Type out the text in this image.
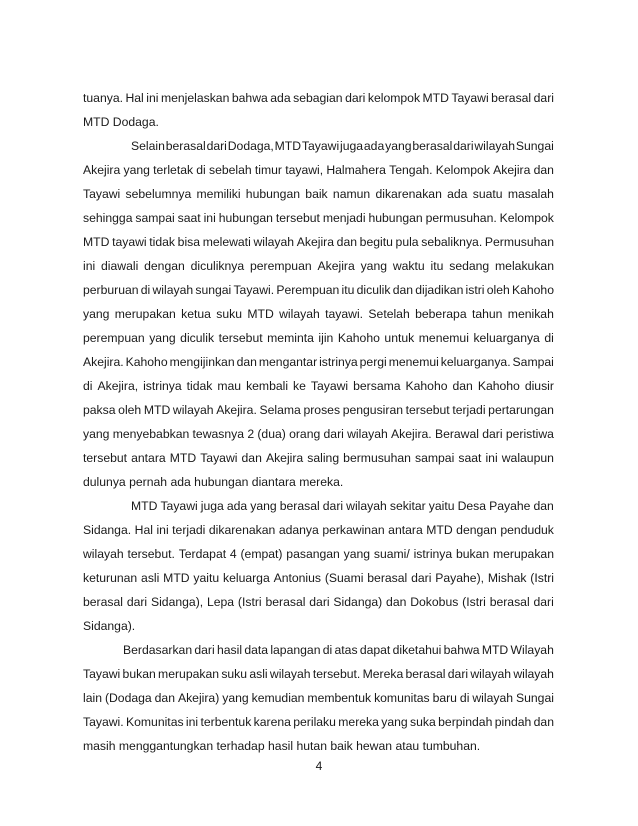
tuanya. Hal ini menjelaskan bahwa ada sebagian dari kelompok MTD Tayawi berasal dari
MTD Dodaga.
Selain berasal dari Dodaga, MTD Tayawi juga ada yang berasal dari wilayah Sungai
Akejira yang terletak di sebelah timur tayawi, Halmahera Tengah. Kelompok Akejira dan
Tayawi sebelumnya memiliki hubungan baik namun dikarenakan ada suatu masalah
sehingga sampai saat ini hubungan tersebut menjadi hubungan permusuhan. Kelompok
MTD tayawi tidak bisa melewati wilayah Akejira dan begitu pula sebaliknya. Permusuhan
ini diawali dengan diculiknya perempuan Akejira yang waktu itu sedang melakukan
perburuan di wilayah sungai Tayawi. Perempuan itu diculik dan dijadikan istri oleh Kahoho
yang merupakan ketua suku MTD wilayah tayawi. Setelah beberapa tahun menikah
perempuan yang diculik tersebut meminta ijin Kahoho untuk menemui keluarganya di
Akejira. Kahoho mengijinkan dan mengantar istrinya pergi menemui keluarganya. Sampai
di Akejira, istrinya tidak mau kembali ke Tayawi bersama Kahoho dan Kahoho diusir
paksa oleh MTD wilayah Akejira. Selama proses pengusiran tersebut terjadi pertarungan
yang menyebabkan tewasnya 2 (dua) orang dari wilayah Akejira. Berawal dari peristiwa
tersebut antara MTD Tayawi dan Akejira saling bermusuhan sampai saat ini walaupun
dulunya pernah ada hubungan diantara mereka.
MTD Tayawi juga ada yang berasal dari wilayah sekitar yaitu Desa Payahe dan
Sidanga. Hal ini terjadi dikarenakan adanya perkawinan antara MTD dengan penduduk
wilayah tersebut. Terdapat 4 (empat) pasangan yang suami/ istrinya bukan merupakan
keturunan asli MTD yaitu keluarga Antonius (Suami berasal dari Payahe), Mishak (Istri
berasal dari Sidanga), Lepa (Istri berasal dari Sidanga) dan Dokobus (Istri berasal dari
Sidanga).
Berdasarkan dari hasil data lapangan di atas dapat diketahui bahwa MTD Wilayah
Tayawi bukan merupakan suku asli wilayah tersebut. Mereka berasal dari wilayah wilayah
lain (Dodaga dan Akejira) yang kemudian membentuk komunitas baru di wilayah Sungai
Tayawi. Komunitas ini terbentuk karena perilaku mereka yang suka berpindah pindah dan
masih menggantungkan terhadap hasil hutan baik hewan atau tumbuhan.
4
